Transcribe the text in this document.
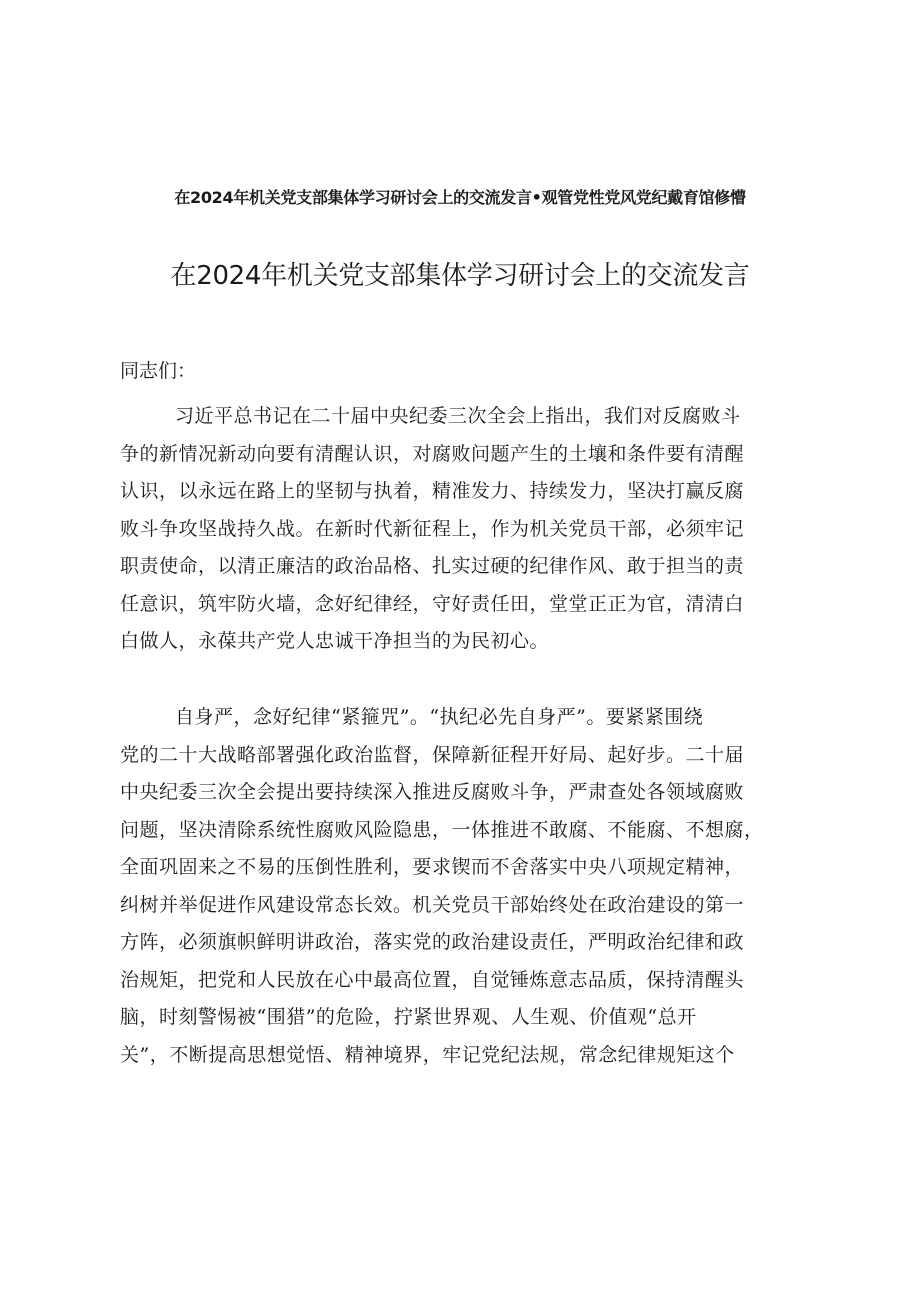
在2024年机关党支部集体学习研讨会上的交流发言•观管党性党风党纪戴育馆修懵
在2024年机关党支部集体学习研讨会上的交流发言
同志们：
习近平总书记在二十届中央纪委三次全会上指出，我们对反腐败斗
争的新情况新动向要有清醒认识，对腐败问题产生的土壤和条件要有清醒
认识，以永远在路上的坚韧与执着，精准发力、持续发力，坚决打赢反腐
败斗争攻坚战持久战。在新时代新征程上，作为机关党员干部，必须牢记
职责使命，以清正廉洁的政治品格、扎实过硬的纪律作风、敢于担当的责
任意识，筑牢防火墙，念好纪律经，守好责任田，堂堂正正为官，清清白
白做人，永葆共产党人忠诚干净担当的为民初心。
自身严，念好纪律“紧箍咒”。“执纪必先自身严”。要紧紧围绕
党的二十大战略部署强化政治监督，保障新征程开好局、起好步。二十届
中央纪委三次全会提出要持续深入推进反腐败斗争，严肃查处各领域腐败
问题，坚决清除系统性腐败风险隐患，一体推进不敢腐、不能腐、不想腐，
全面巩固来之不易的压倒性胜利，要求锲而不舍落实中央八项规定精神，
纠树并举促进作风建设常态长效。机关党员干部始终处在政治建设的第一
方阵，必须旗帜鲜明讲政治，落实党的政治建设责任，严明政治纪律和政
治规矩，把党和人民放在心中最高位置，自觉锤炼意志品质，保持清醒头
脑，时刻警惕被“围猎”的危险，拧紧世界观、人生观、价值观“总开
关”，不断提高思想觉悟、精神境界，牢记党纪法规，常念纪律规矩这个
